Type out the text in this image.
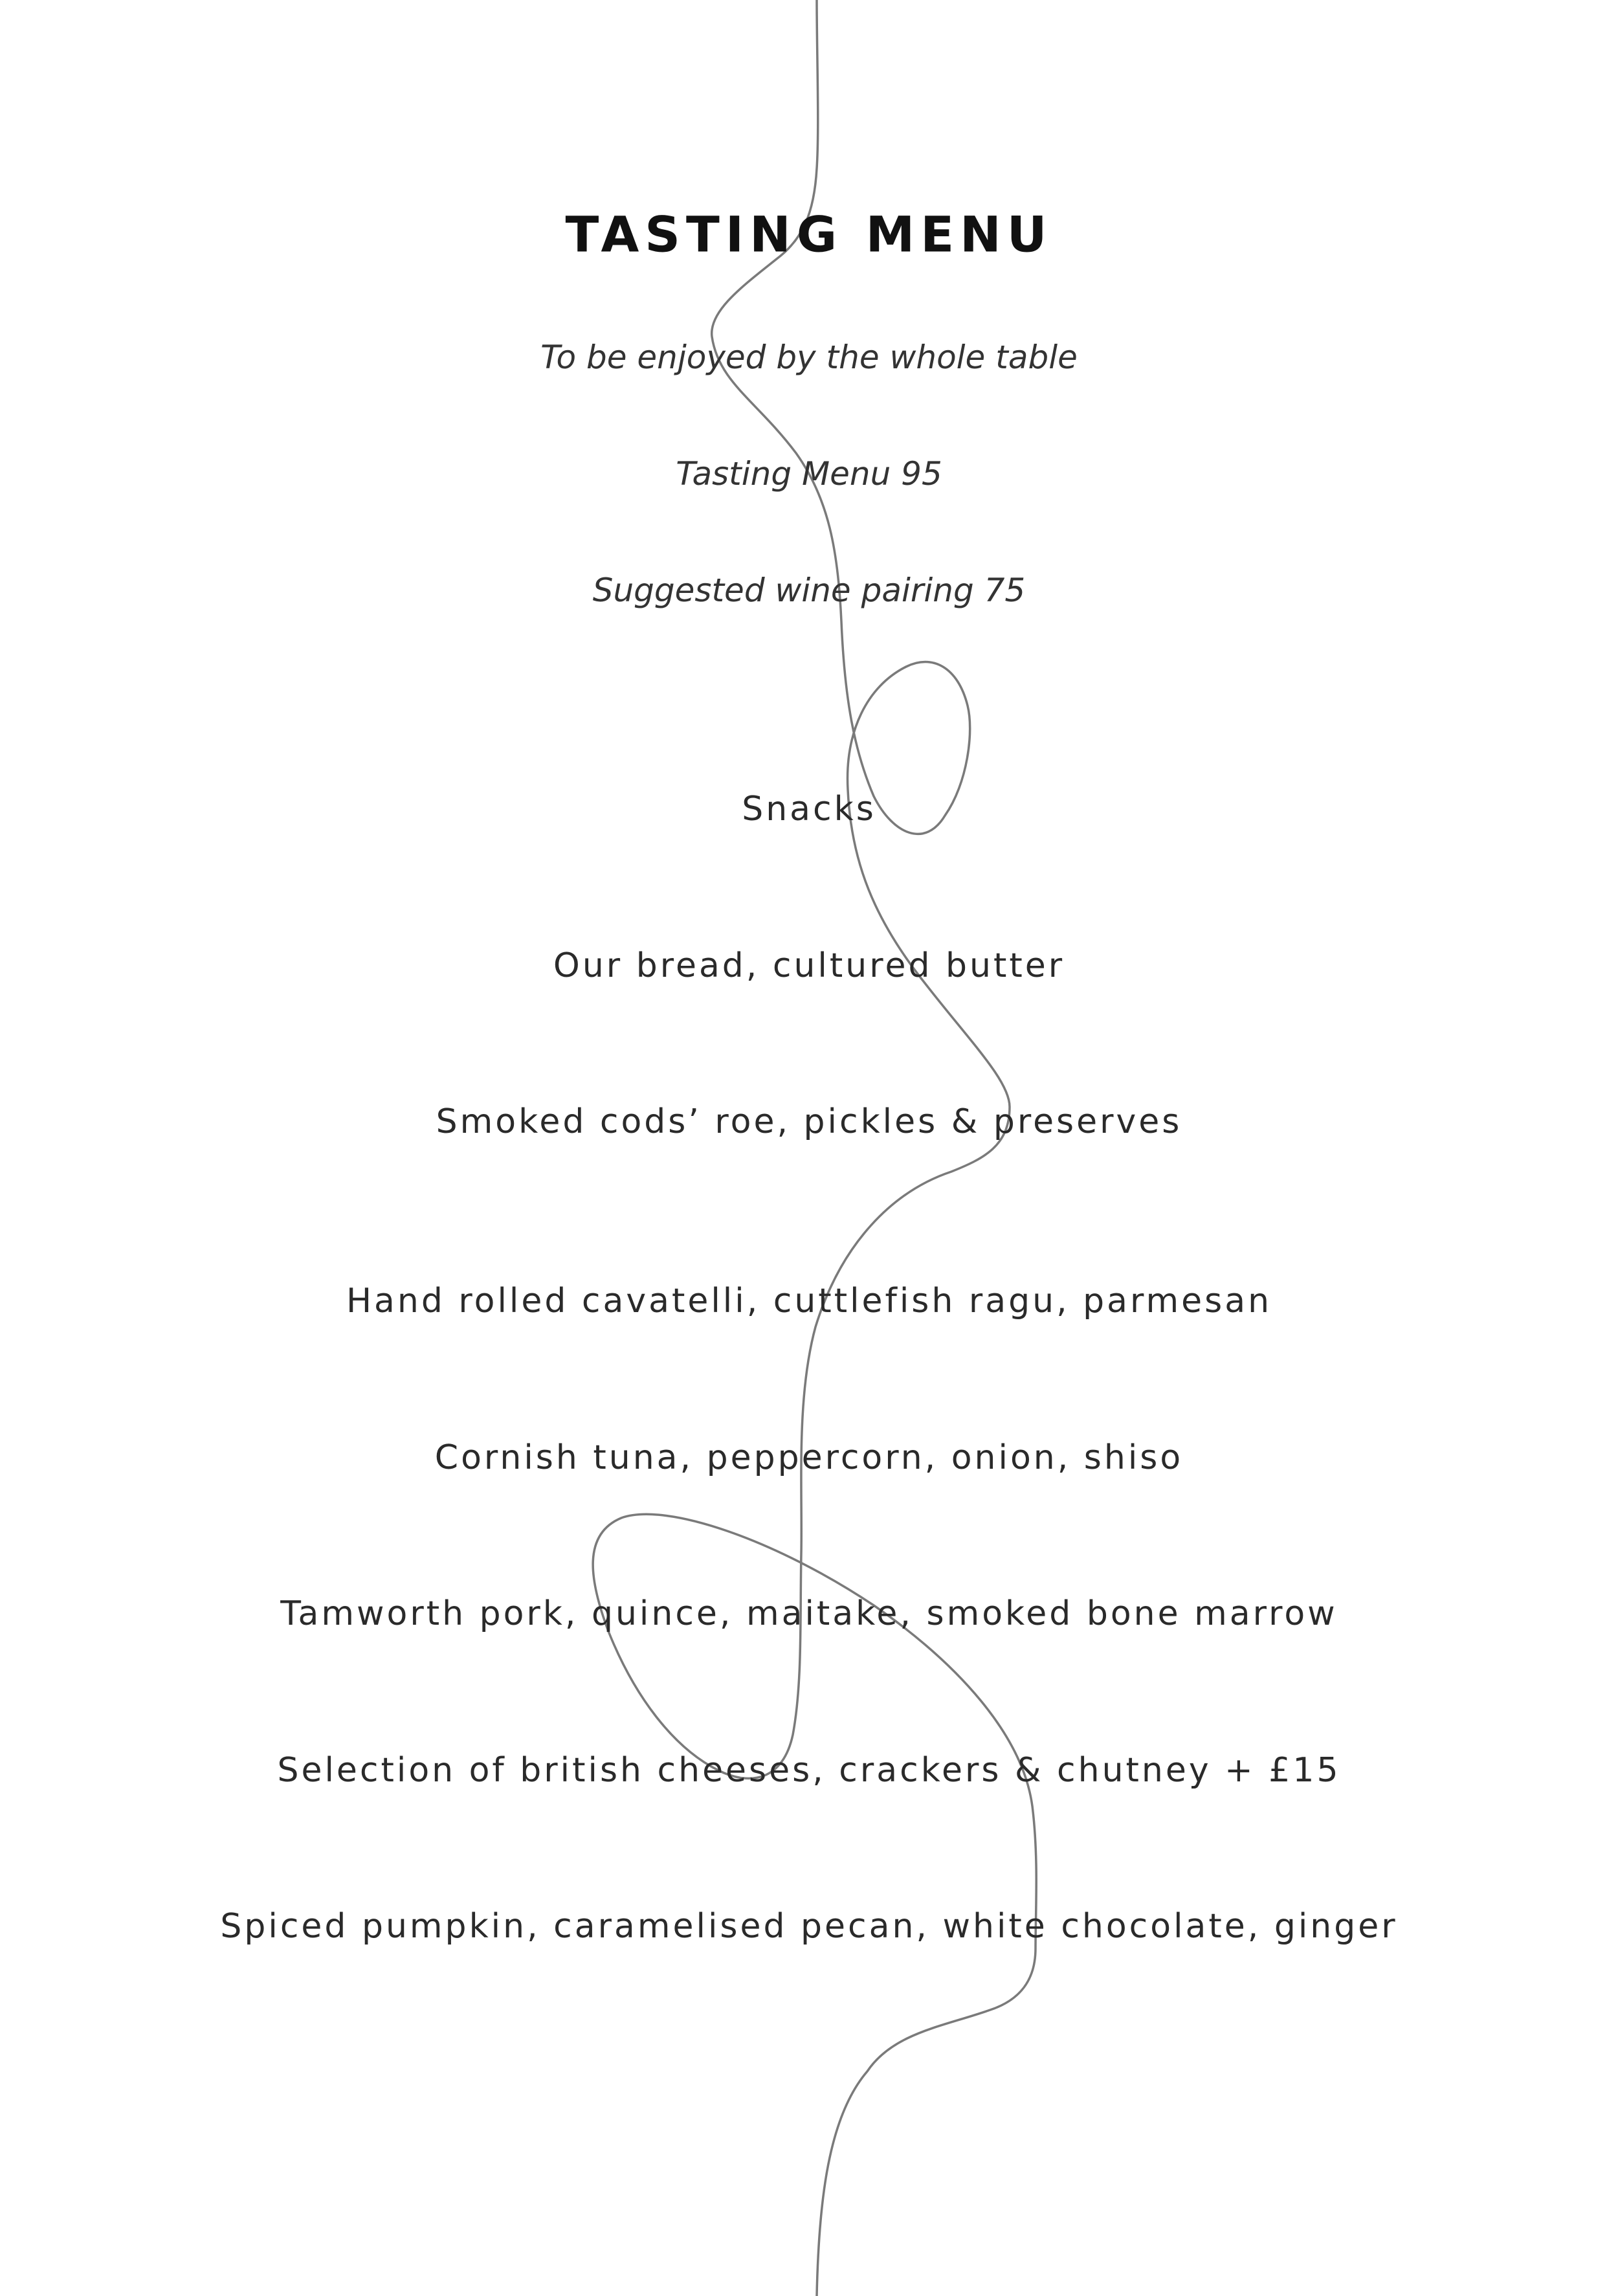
TASTING MENU
To be enjoyed by the whole table
Tasting Menu 95
Suggested wine pairing 75
Snacks
Our bread, cultured butter
Smoked cods’ roe, pickles & preserves
Hand rolled cavatelli, cuttlefish ragu, parmesan
Cornish tuna, peppercorn, onion, shiso
Tamworth pork, quince, maitake, smoked bone marrow
Selection of british cheeses, crackers & chutney + £15
Spiced pumpkin, caramelised pecan, white chocolate, ginger
